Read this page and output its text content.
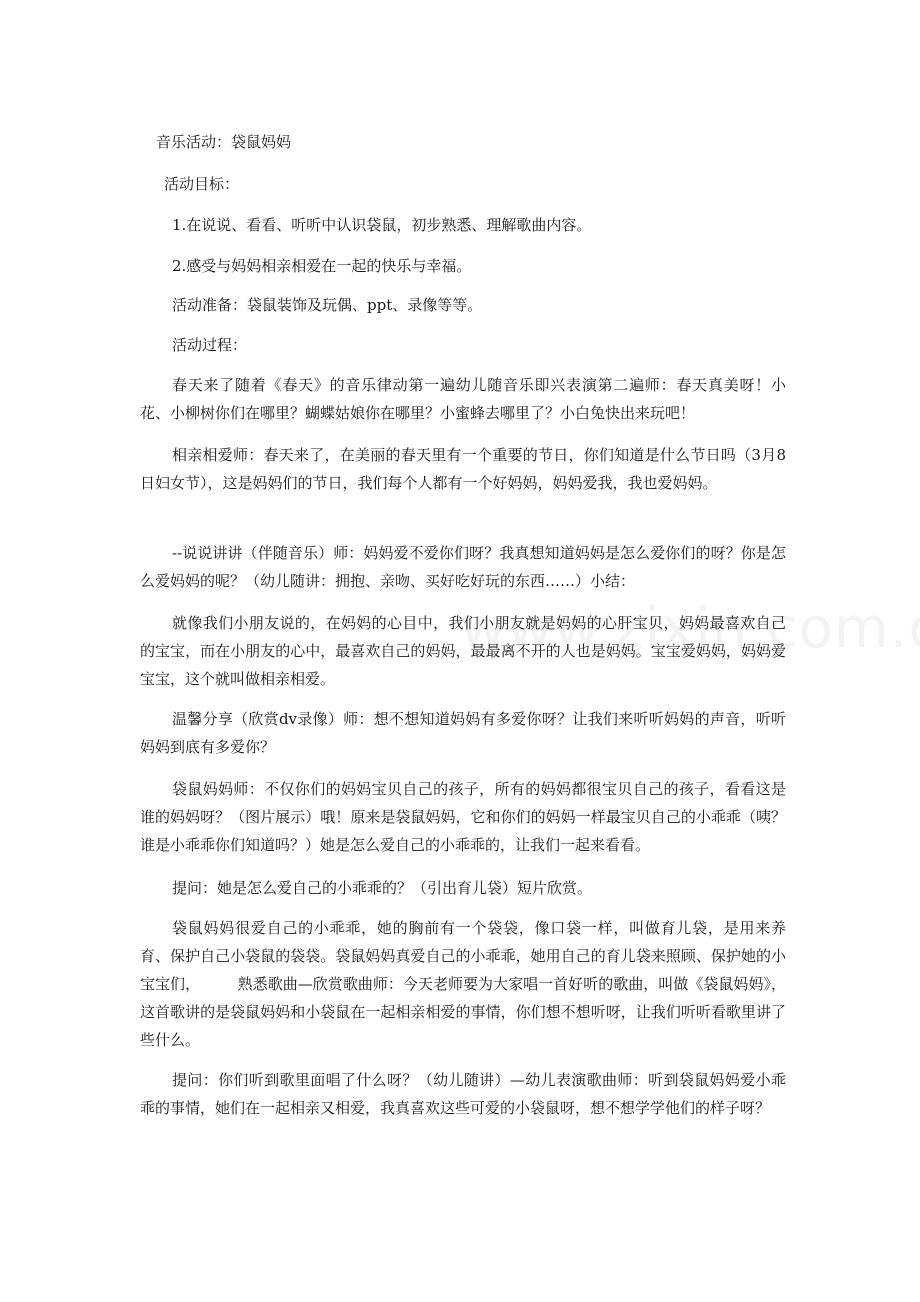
音乐活动：袋鼠妈妈

活动目标：

1.在说说、看看、听听中认识袋鼠，初步熟悉、理解歌曲内容。

2.感受与妈妈相亲相爱在一起的快乐与幸福。

活动准备：袋鼠装饰及玩偶、ppt、录像等等。

活动过程：

春天来了随着《春天》的音乐律动第一遍幼儿随音乐即兴表演第二遍师：春天真美呀！小花、小柳树你们在哪里？蝴蝶姑娘你在哪里？小蜜蜂去哪里了？小白兔快出来玩吧！

相亲相爱师：春天来了，在美丽的春天里有一个重要的节日，你们知道是什么节日吗（3月8日妇女节），这是妈妈们的节日，我们每个人都有一个好妈妈，妈妈爱我，我也爱妈妈。

--说说讲讲（伴随音乐）师：妈妈爱不爱你们呀？我真想知道妈妈是怎么爱你们的呀？你是怎么爱妈妈的呢？（幼儿随讲：拥抱、亲吻、买好吃好玩的东西……）小结：

就像我们小朋友说的，在妈妈的心目中，我们小朋友就是妈妈的心肝宝贝，妈妈最喜欢自己的宝宝，而在小朋友的心中，最喜欢自己的妈妈，最最离不开的人也是妈妈。宝宝爱妈妈，妈妈爱宝宝，这个就叫做相亲相爱。

温馨分享（欣赏dv录像）师：想不想知道妈妈有多爱你呀？让我们来听听妈妈的声音，听听妈妈到底有多爱你？

袋鼠妈妈师：不仅你们的妈妈宝贝自己的孩子，所有的妈妈都很宝贝自己的孩子，看看这是谁的妈妈呀？（图片展示）哦！原来是袋鼠妈妈，它和你们的妈妈一样最宝贝自己的小乖乖（咦？谁是小乖乖你们知道吗？）她是怎么爱自己的小乖乖的，让我们一起来看看。

提问：她是怎么爱自己的小乖乖的？（引出育儿袋）短片欣赏。

袋鼠妈妈很爱自己的小乖乖，她的胸前有一个袋袋，像口袋一样，叫做育儿袋，是用来养育、保护自己小袋鼠的袋袋。袋鼠妈妈真爱自己的小乖乖，她用自己的育儿袋来照顾、保护她的小宝宝们，　　　熟悉歌曲—欣赏歌曲师：今天老师要为大家唱一首好听的歌曲，叫做《袋鼠妈妈》，这首歌讲的是袋鼠妈妈和小袋鼠在一起相亲相爱的事情，你们想不想听呀，让我们听听看歌里讲了些什么。

提问：你们听到歌里面唱了什么呀？（幼儿随讲）—幼儿表演歌曲师：听到袋鼠妈妈爱小乖乖的事情，她们在一起相亲又相爱，我真喜欢这些可爱的小袋鼠呀，想不想学学他们的样子呀？
